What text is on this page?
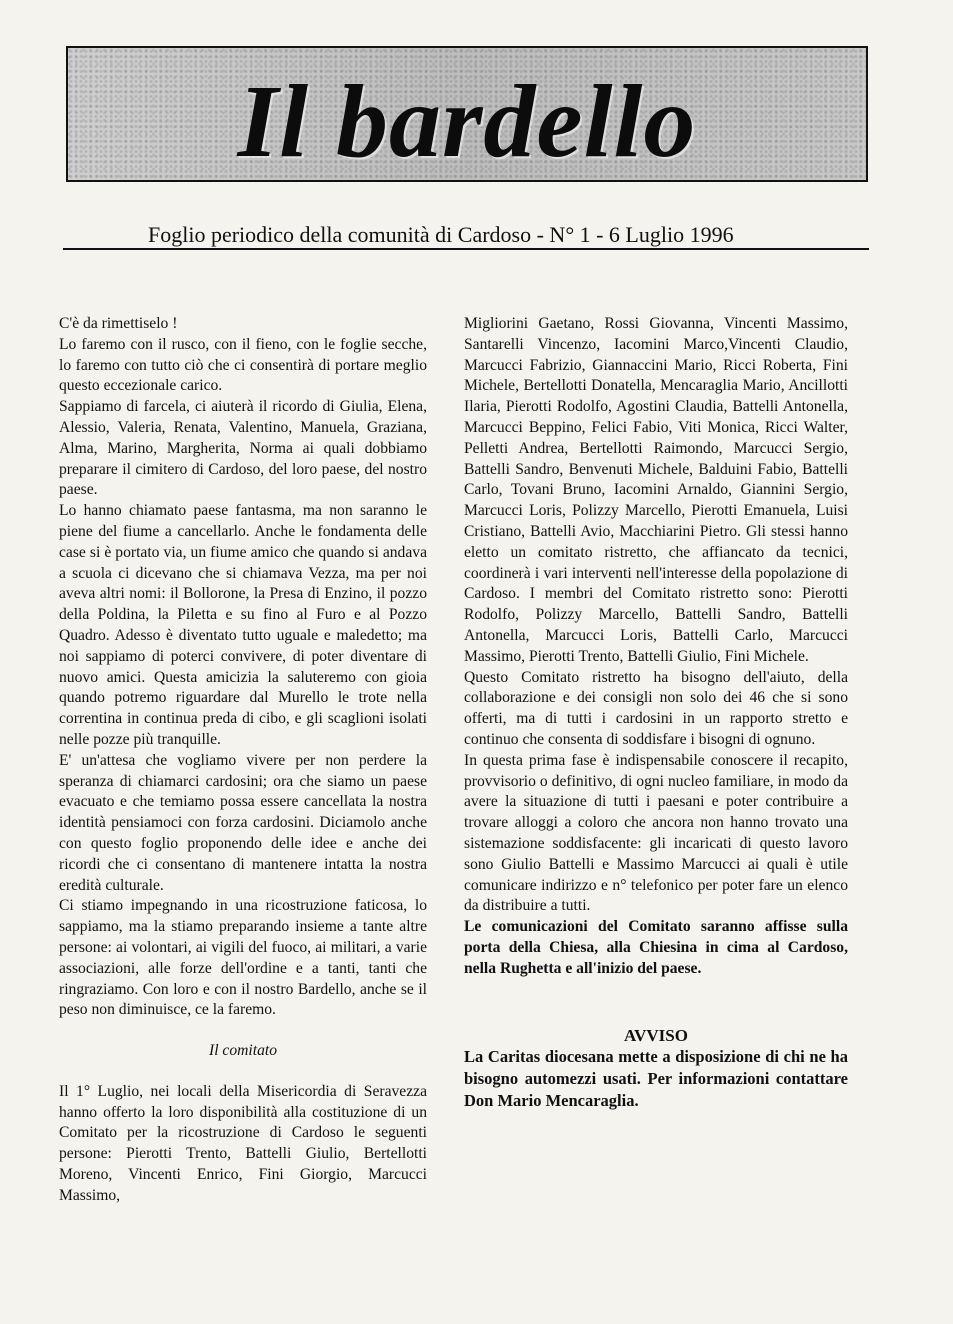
Il bardello
Foglio periodico della comunità di Cardoso - N° 1 - 6 Luglio 1996

C'è da rimettiselo !

Lo faremo con il rusco, con il fieno, con le foglie secche, lo faremo con tutto ciò che ci consentirà di portare meglio questo eccezionale carico.

Sappiamo di farcela, ci aiuterà il ricordo di Giulia, Elena, Alessio, Valeria, Renata, Valentino, Manuela, Graziana, Alma, Marino, Margherita, Norma ai quali dobbiamo preparare il cimitero di Cardoso, del loro paese, del nostro paese.

Lo hanno chiamato paese fantasma, ma non saranno le piene del fiume a cancellarlo. Anche le fondamenta delle case si è portato via, un fiume amico che quando si andava a scuola ci dicevano che si chiamava Vezza, ma per noi aveva altri nomi: il Bollorone, la Presa di Enzino, il pozzo della Poldina, la Piletta e su fino al Furo e al Pozzo Quadro. Adesso è diventato tutto uguale e maledetto; ma noi sappiamo di poterci convivere, di poter diventare di nuovo amici. Questa amicizia la saluteremo con gioia quando potremo riguardare dal Murello le trote nella correntina in continua preda di cibo, e gli scaglioni isolati nelle pozze più tranquille.

E' un'attesa che vogliamo vivere per non perdere la speranza di chiamarci cardosini; ora che siamo un paese evacuato e che temiamo possa essere cancellata la nostra identità pensiamoci con forza cardosini. Diciamolo anche con questo foglio proponendo delle idee e anche dei ricordi che ci consentano di mantenere intatta la nostra eredità culturale.

Ci stiamo impegnando in una ricostruzione faticosa, lo sappiamo, ma la stiamo preparando insieme a tante altre persone: ai volontari, ai vigili del fuoco, ai militari, a varie associazioni, alle forze dell'ordine e a tanti, tanti che ringraziamo. Con loro e con il nostro Bardello, anche se il peso non diminuisce, ce la faremo.

Il comitato

Il 1° Luglio, nei locali della Misericordia di Seravezza hanno offerto la loro disponibilità alla costituzione di un Comitato per la ricostruzione di Cardoso le seguenti persone: Pierotti Trento, Battelli Giulio, Bertellotti Moreno, Vincenti Enrico, Fini Giorgio, Marcucci Massimo,

Migliorini Gaetano, Rossi Giovanna, Vincenti Massimo, Santarelli Vincenzo, Iacomini Marco,Vincenti Claudio, Marcucci Fabrizio, Giannaccini Mario, Ricci Roberta, Fini Michele, Bertellotti Donatella, Mencaraglia Mario, Ancillotti Ilaria, Pierotti Rodolfo, Agostini Claudia, Battelli Antonella, Marcucci Beppino, Felici Fabio, Viti Monica, Ricci Walter, Pelletti Andrea, Bertellotti Raimondo, Marcucci Sergio, Battelli Sandro, Benvenuti Michele, Balduini Fabio, Battelli Carlo, Tovani Bruno, Iacomini Arnaldo, Giannini Sergio, Marcucci Loris, Polizzy Marcello, Pierotti Emanuela, Luisi Cristiano, Battelli Avio, Macchiarini Pietro. Gli stessi hanno eletto un comitato ristretto, che affiancato da tecnici, coordinerà i vari interventi nell'interesse della popolazione di Cardoso. I membri del Comitato ristretto sono: Pierotti Rodolfo, Polizzy Marcello, Battelli Sandro, Battelli Antonella, Marcucci Loris, Battelli Carlo, Marcucci Massimo, Pierotti Trento, Battelli Giulio, Fini Michele.

Questo Comitato ristretto ha bisogno dell'aiuto, della collaborazione e dei consigli non solo dei 46 che si sono offerti, ma di tutti i cardosini in un rapporto stretto e continuo che consenta di soddisfare i bisogni di ognuno.

In questa prima fase è indispensabile conoscere il recapito, provvisorio o definitivo, di ogni nucleo familiare, in modo da avere la situazione di tutti i paesani e poter contribuire a trovare alloggi a coloro che ancora non hanno trovato una sistemazione soddisfacente: gli incaricati di questo lavoro sono Giulio Battelli e Massimo Marcucci ai quali è utile comunicare indirizzo e n° telefonico per poter fare un elenco da distribuire a tutti.

Le comunicazioni del Comitato saranno affisse sulla porta della Chiesa, alla Chiesina in cima al Cardoso, nella Rughetta e all'inizio del paese.

AVVISO

La Caritas diocesana mette a disposizione di chi ne ha bisogno automezzi usati. Per informazioni contattare Don Mario Mencaraglia.
